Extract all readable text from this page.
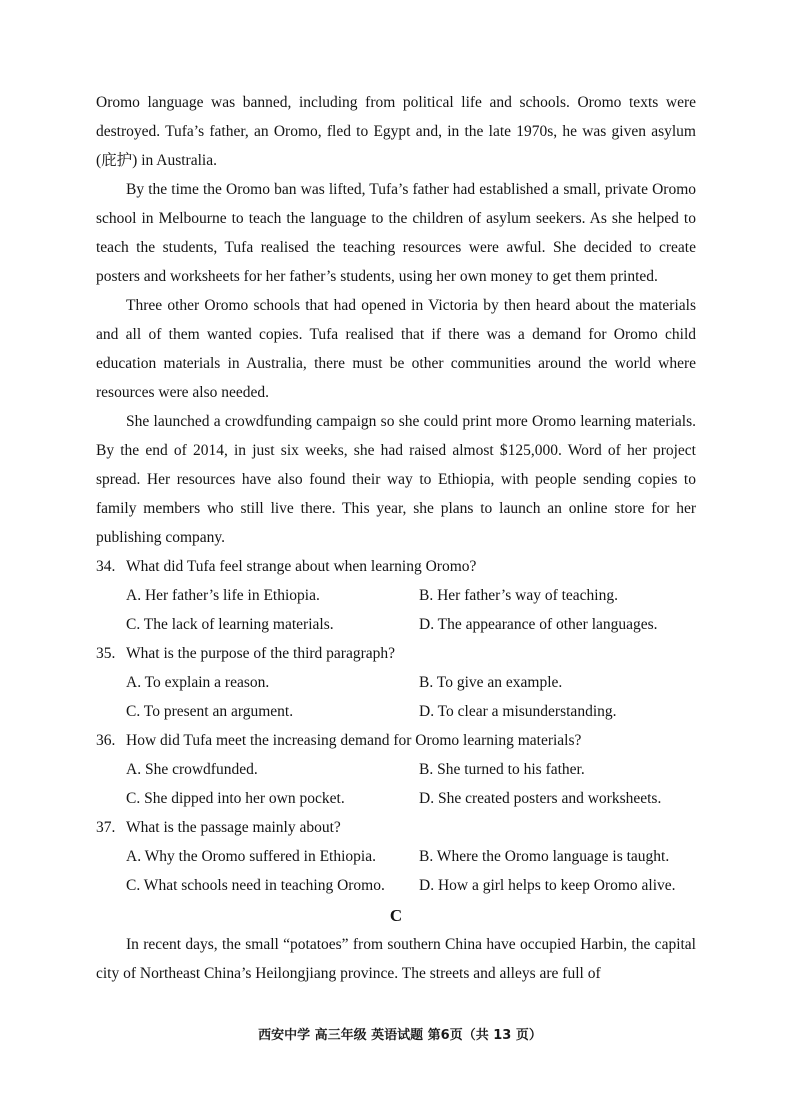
Oromo language was banned, including from political life and schools. Oromo texts were destroyed. Tufa’s father, an Oromo, fled to Egypt and, in the late 1970s, he was given asylum (庇护) in Australia.

By the time the Oromo ban was lifted, Tufa’s father had established a small, private Oromo school in Melbourne to teach the language to the children of asylum seekers. As she helped to teach the students, Tufa realised the teaching resources were awful. She decided to create posters and worksheets for her father’s students, using her own money to get them printed.

Three other Oromo schools that had opened in Victoria by then heard about the materials and all of them wanted copies. Tufa realised that if there was a demand for Oromo child education materials in Australia, there must be other communities around the world where resources were also needed.

She launched a crowdfunding campaign so she could print more Oromo learning materials. By the end of 2014, in just six weeks, she had raised almost $125,000. Word of her project spread. Her resources have also found their way to Ethiopia, with people sending copies to family members who still live there. This year, she plans to launch an online store for her publishing company.

34. What did Tufa feel strange about when learning Oromo?
A. Her father’s life in Ethiopia.	B. Her father’s way of teaching.
C. The lack of learning materials.	D. The appearance of other languages.
35. What is the purpose of the third paragraph?
A. To explain a reason.	B. To give an example.
C. To present an argument.	D. To clear a misunderstanding.
36. How did Tufa meet the increasing demand for Oromo learning materials?
A. She crowdfunded.	B. She turned to his father.
C. She dipped into her own pocket.	D. She created posters and worksheets.
37. What is the passage mainly about?
A. Why the Oromo suffered in Ethiopia.	B. Where the Oromo language is taught.
C. What schools need in teaching Oromo.	D. How a girl helps to keep Oromo alive.
C

In recent days, the small “potatoes” from southern China have occupied Harbin, the capital city of Northeast China’s Heilongjiang province. The streets and alleys are full of

西安中学 高三年级 英语试题 第6页（共 13 页）
